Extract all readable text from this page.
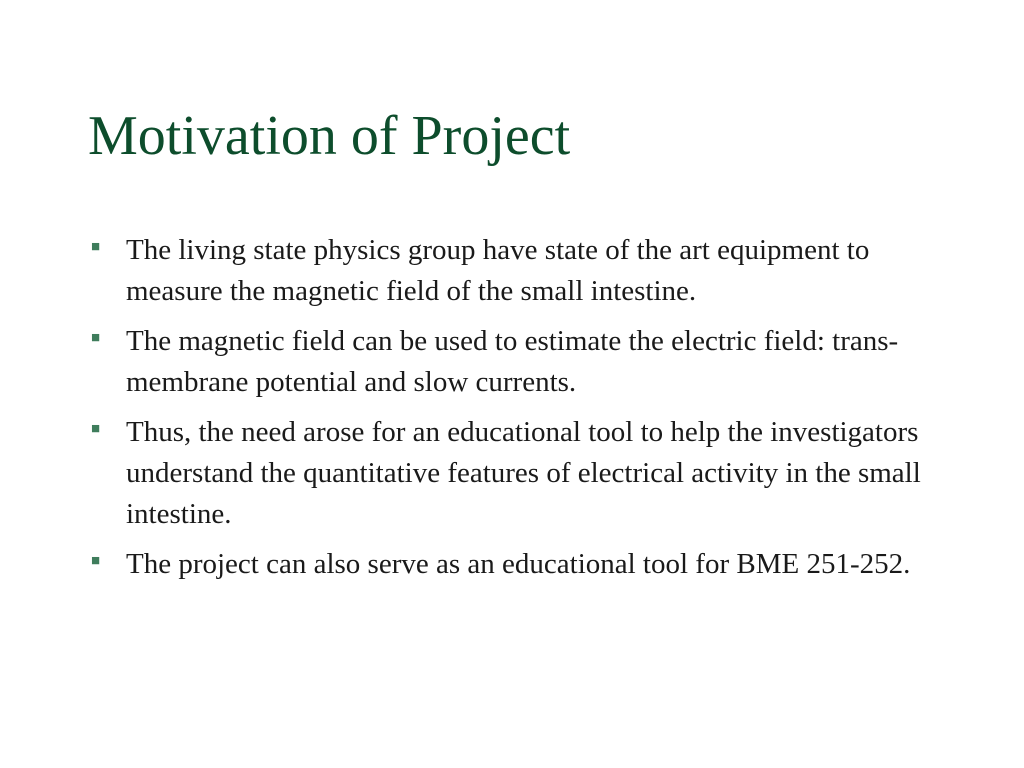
Motivation of Project
■ The living state physics group have state of the art equipment to measure the magnetic field of the small intestine.
■ The magnetic field can be used to estimate the electric field: trans-membrane potential and slow currents.
■ Thus, the need arose for an educational tool to help the investigators understand the quantitative features of electrical activity in the small intestine.
■ The project can also serve as an educational tool for BME 251-252.
